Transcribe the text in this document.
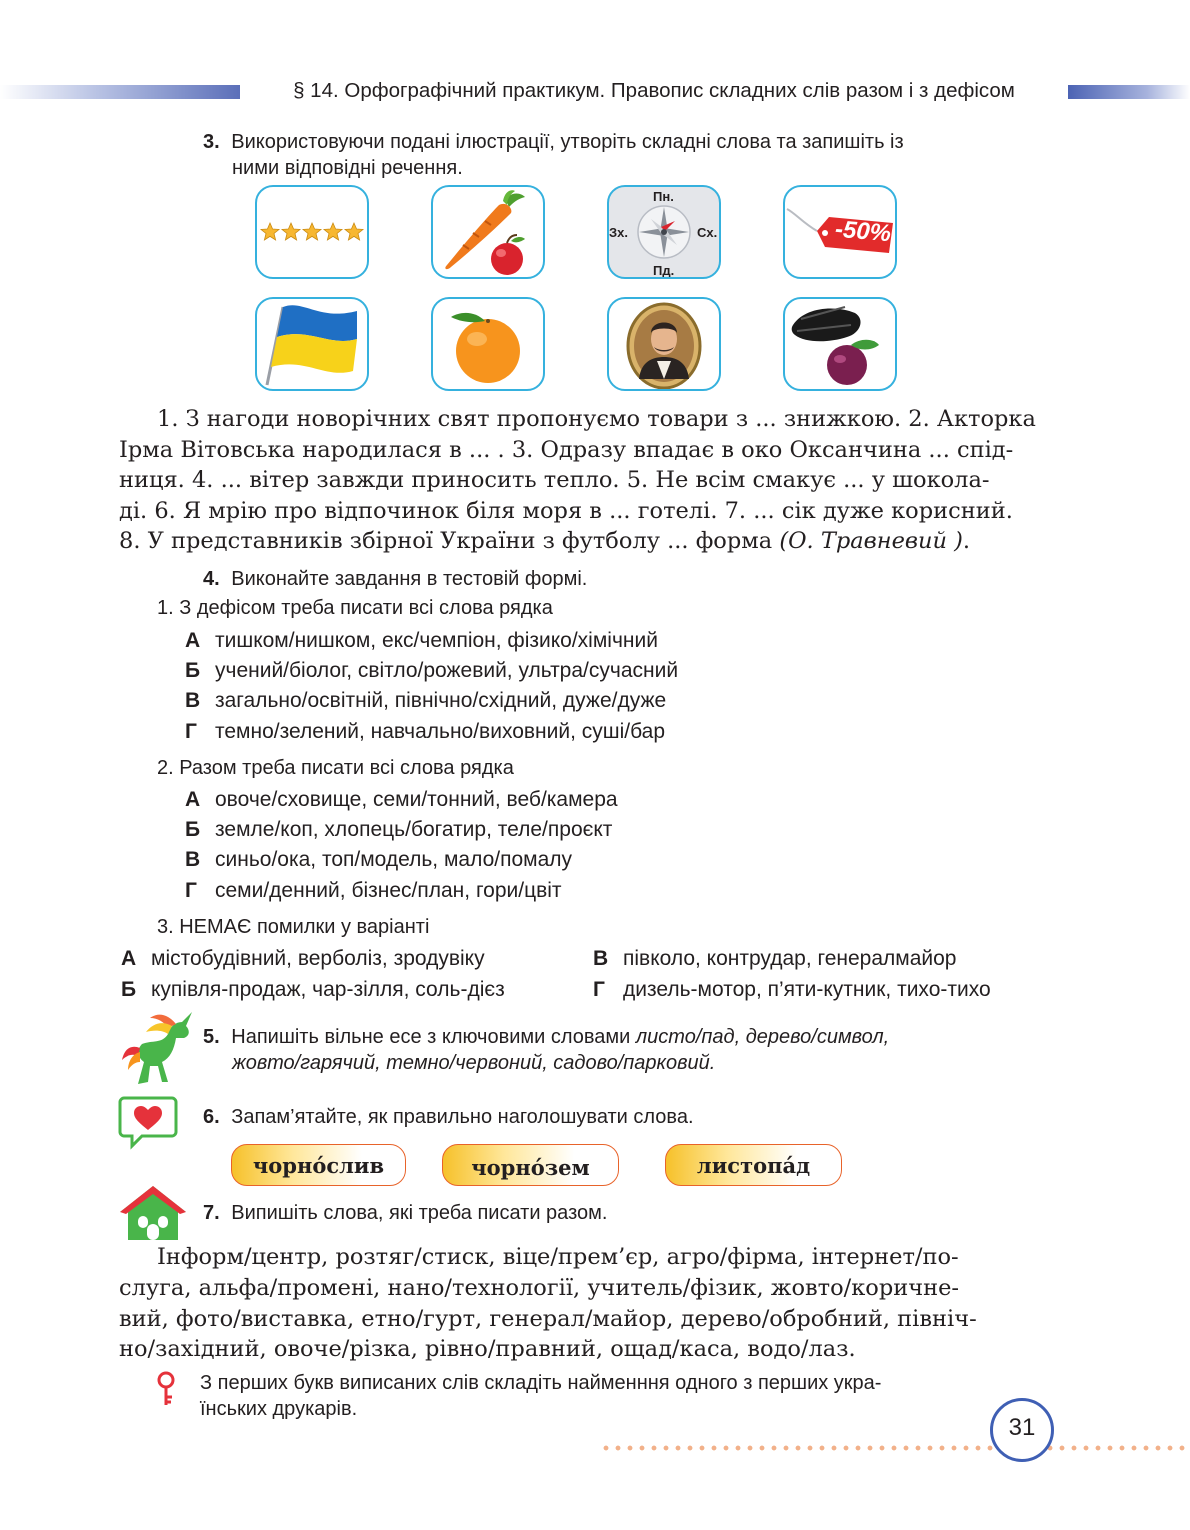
§ 14. Орфографічний практикум. Правопис складних слів разом і з дефісом
3. Використовуючи подані ілюстрації, утворіть складні слова та запишіть із
ними відповідні речення.
Пн.
Зх.	Сх.
Пд.
-50%

1. З нагоди новорічних свят пропонуємо товари з ... знижкою. 2. Акторка

Ірма Вітовська народилася в ... . 3. Одразу впадає в око Оксанчина ... спід-
ниця. 4. ... вітер завжди приносить тепло. 5. Не всім смакує ... у шокола-
ді. 6. Я мрію про відпочинок біля моря в ... готелі. 7. ... сік дуже корисний.
8. У представників збірної України з футболу ... форма (О. Травневий ).
4. Виконайте завдання в тестовій формі.
1. З дефісом треба писати всі слова рядка
А тишком/нишком, екс/чемпіон, фізико/хімічний
Б учений/біолог, світло/рожевий, ультра/сучасний
В загально/освітній, північно/східний, дуже/дуже
Г темно/зелений, навчально/виховний, суші/бар
2. Разом треба писати всі слова рядка
А овоче/сховище, семи/тонний, веб/камера
Б земле/коп, хлопець/богатир, теле/проєкт
В синьо/ока, топ/модель, мало/помалу
Г семи/денний, бізнес/план, гори/цвіт
3. НЕМАЄ помилки у варіанті
А містобудівний, верболіз, зродувіку
Б купівля-продаж, чар-зілля, соль-дієз
В півколо, контрудар, генералмайор
Г дизель-мотор, п’яти-кутник, тихо-тихо
5. Напишіть вільне есе з ключовими словами листо/пад, дерево/символ,
жовто/гарячий, темно/червоний, садово/парковий.
6. Запам’ятайте, як правильно наголошувати слова.
чорнóслив	чорнóзем	листопáд
7. Випишіть слова, які треба писати разом.

Інформ/центр, розтяг/стиск, віце/прем’єр, агро/фірма, інтернет/по-

слуга, альфа/промені, нано/технології, учитель/фізик, жовто/коричне-
вий, фото/виставка, етно/гурт, генерал/майор, дерево/обробний, північ-
но/західний, овоче/різка, рівно/правний, ощад/каса, водо/лаз.
З перших букв виписаних слів складіть найменння одного з перших укра-
їнських друкарів.
31
